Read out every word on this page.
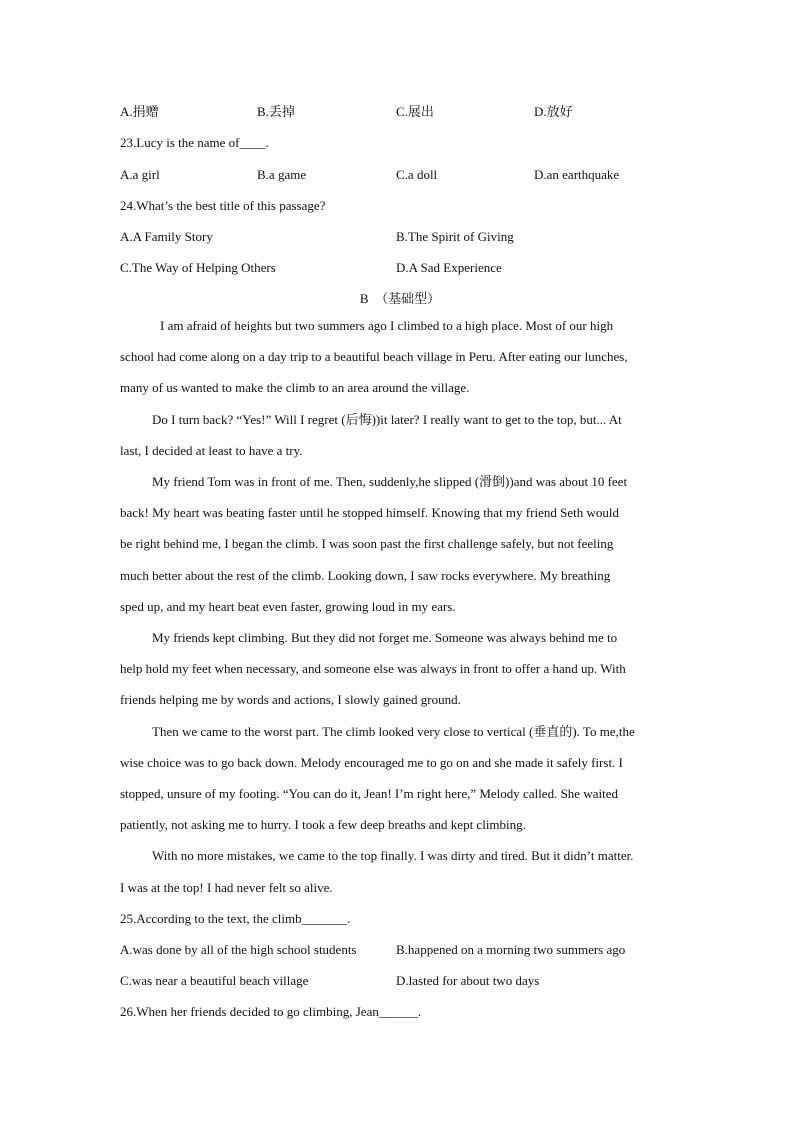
A.捐赠	B.丢掉	C.展出	D.放好
23.Lucy is the name of____.
A.a girl	B.a game	C.a doll	D.an earthquake
24.What’s the best title of this passage?
A.A Family Story	B.The Spirit of Giving
C.The Way of Helping Others	D.A Sad Experience
B　（基础型）
I am afraid of heights but two summers ago I climbed to a high place. Most of our high
school had come along on a day trip to a beautiful beach village in Peru. After eating our lunches,
many of us wanted to make the climb to an area around the village.
Do I turn back? “Yes!” Will I regret (后悔))it later? I really want to get to the top, but... At
last, I decided at least to have a try.
My friend Tom was in front of me. Then, suddenly,he slipped (滑倒))and was about 10 feet
back! My heart was beating faster until he stopped himself. Knowing that my friend Seth would
be right behind me, I began the climb. I was soon past the first challenge safely, but not feeling
much better about the rest of the climb. Looking down, I saw rocks everywhere. My breathing
sped up, and my heart beat even faster, growing loud in my ears.
My friends kept climbing. But they did not forget me. Someone was always behind me to
help hold my feet when necessary, and someone else was always in front to offer a hand up. With
friends helping me by words and actions, I slowly gained ground.
Then we came to the worst part. The climb looked very close to vertical (垂直的). To me,the
wise choice was to go back down. Melody encouraged me to go on and she made it safely first. I
stopped, unsure of my footing. “You can do it, Jean! I’m right here,” Melody called. She waited
patiently, not asking me to hurry. I took a few deep breaths and kept climbing.
With no more mistakes, we came to the top finally. I was dirty and tired. But it didn’t matter.
I was at the top! I had never felt so alive.
25.According to the text, the climb_______.
A.was done by all of the high school students	B.happened on a morning two summers ago
C.was near a beautiful beach village	D.lasted for about two days
26.When her friends decided to go climbing, Jean______.
